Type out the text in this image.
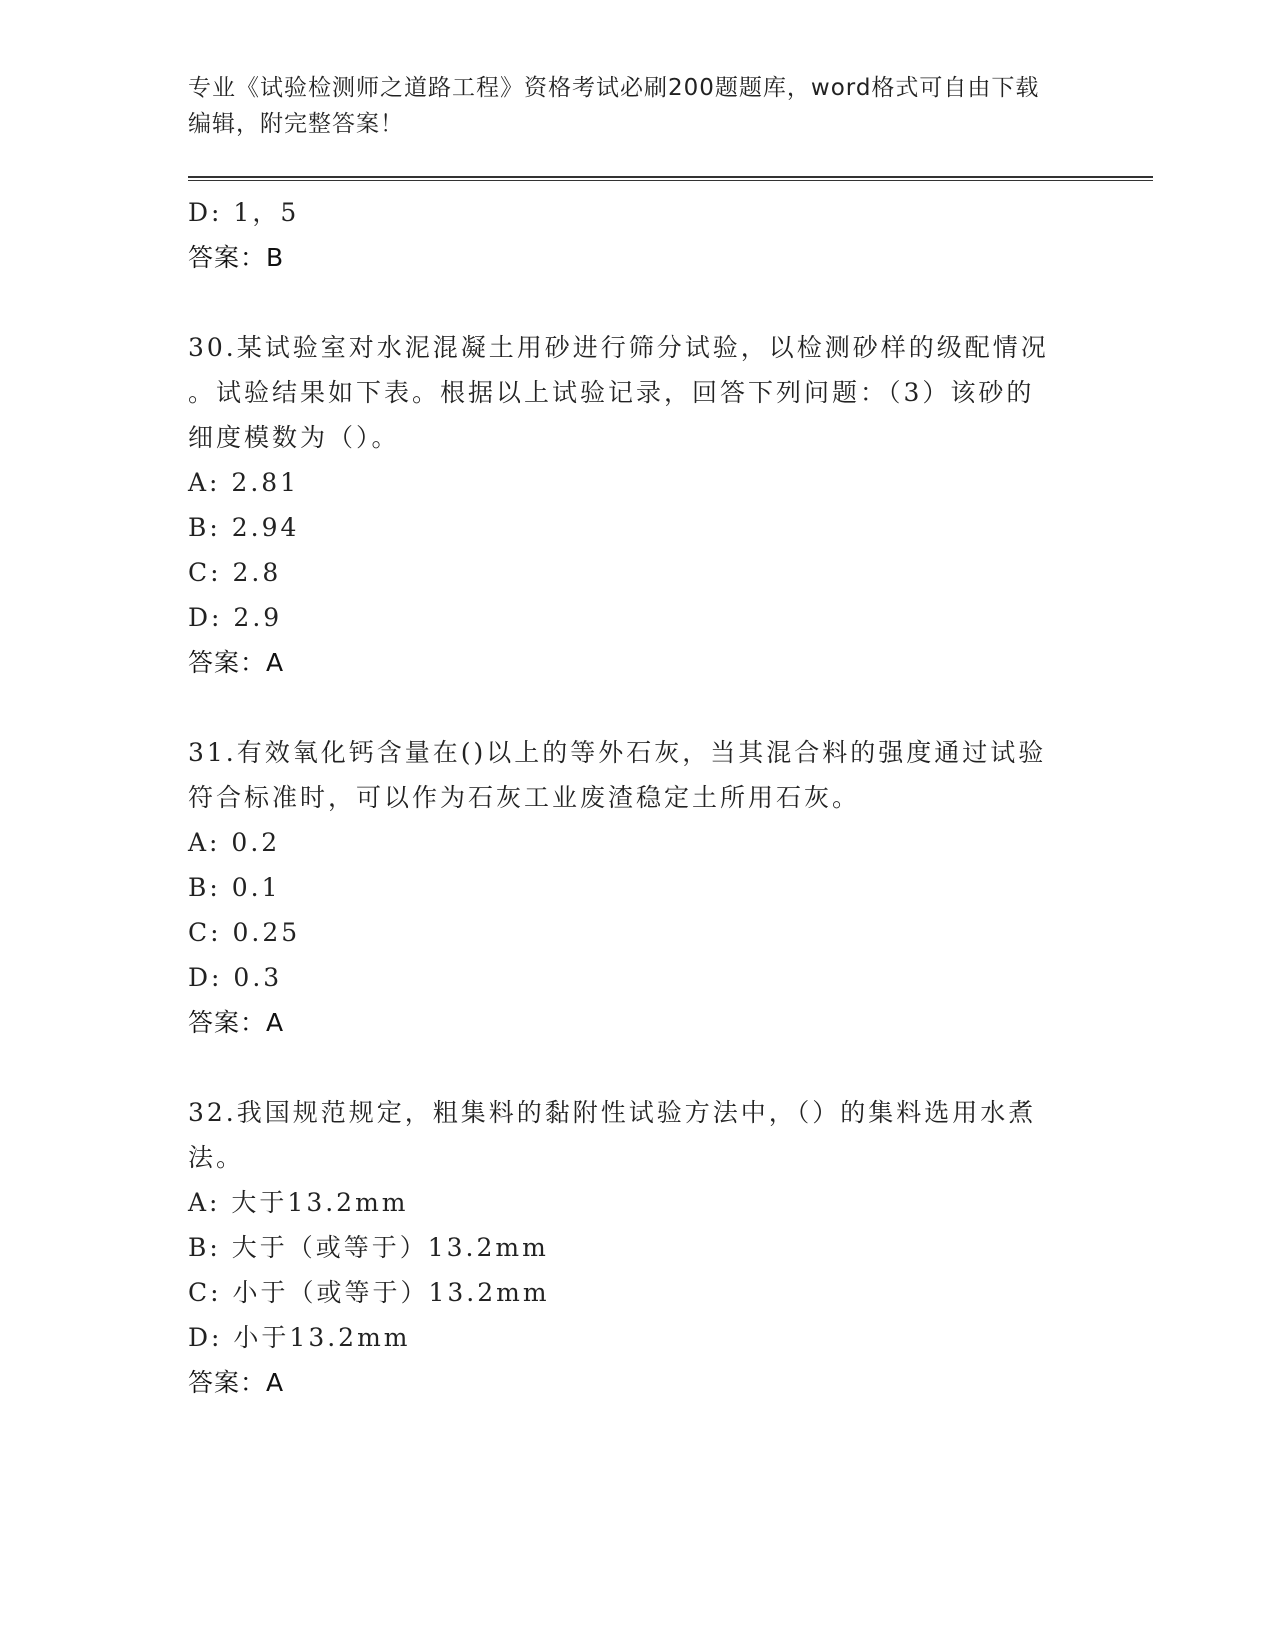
专业《试验检测师之道路工程》资格考试必刷200题题库，word格式可自由下载
编辑，附完整答案！
D: 1，5
答案：B
30.某试验室对水泥混凝土用砂进行筛分试验，以检测砂样的级配情况
。试验结果如下表。根据以上试验记录，回答下列问题：（3）该砂的
细度模数为（）。
A: 2.81
B: 2.94
C: 2.8
D: 2.9
答案：A
31.有效氧化钙含量在()以上的等外石灰，当其混合料的强度通过试验
符合标准时，可以作为石灰工业废渣稳定土所用石灰。
A: 0.2
B: 0.1
C: 0.25
D: 0.3
答案：A
32.我国规范规定，粗集料的黏附性试验方法中，（）的集料选用水煮
法。
A: 大于13.2mm
B: 大于（或等于）13.2mm
C: 小于（或等于）13.2mm
D: 小于13.2mm
答案：A
